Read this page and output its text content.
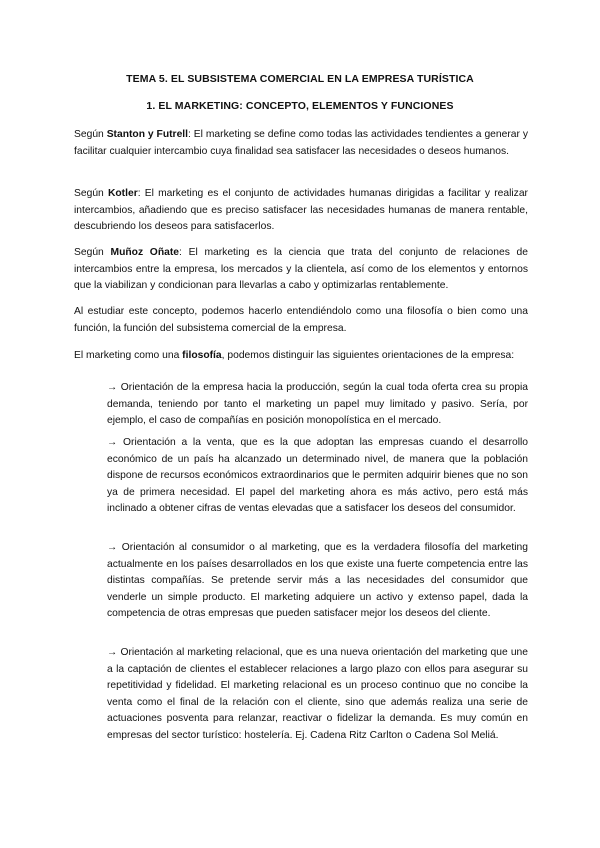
TEMA 5. EL SUBSISTEMA COMERCIAL EN LA EMPRESA TURÍSTICA
1. EL MARKETING: CONCEPTO, ELEMENTOS Y FUNCIONES

Según Stanton y Futrell: El marketing se define como todas las actividades tendientes a generar y facilitar cualquier intercambio cuya finalidad sea satisfacer las necesidades o deseos humanos.

Según Kotler: El marketing es el conjunto de actividades humanas dirigidas a facilitar y realizar intercambios, añadiendo que es preciso satisfacer las necesidades humanas de manera rentable, descubriendo los deseos para satisfacerlos.

Según Muñoz Oñate: El marketing es la ciencia que trata del conjunto de relaciones de intercambios entre la empresa, los mercados y la clientela, así como de los elementos y entornos que la viabilizan y condicionan para llevarlas a cabo y optimizarlas rentablemente.

Al estudiar este concepto, podemos hacerlo entendiéndolo como una filosofía o bien como una función, la función del subsistema comercial de la empresa.

El marketing como una filosofía, podemos distinguir las siguientes orientaciones de la empresa:

→ Orientación de la empresa hacia la producción, según la cual toda oferta crea su propia demanda, teniendo por tanto el marketing un papel muy limitado y pasivo. Sería, por ejemplo, el caso de compañías en posición monopolística en el mercado.

→ Orientación a la venta, que es la que adoptan las empresas cuando el desarrollo económico de un país ha alcanzado un determinado nivel, de manera que la población dispone de recursos económicos extraordinarios que le permiten adquirir bienes que no son ya de primera necesidad. El papel del marketing ahora es más activo, pero está más inclinado a obtener cifras de ventas elevadas que a satisfacer los deseos del consumidor.

→ Orientación al consumidor o al marketing, que es la verdadera filosofía del marketing actualmente en los países desarrollados en los que existe una fuerte competencia entre las distintas compañías. Se pretende servir más a las necesidades del consumidor que venderle un simple producto. El marketing adquiere un activo y extenso papel, dada la competencia de otras empresas que pueden satisfacer mejor los deseos del cliente.

→ Orientación al marketing relacional, que es una nueva orientación del marketing que une a la captación de clientes el establecer relaciones a largo plazo con ellos para asegurar su repetitividad y fidelidad. El marketing relacional es un proceso continuo que no concibe la venta como el final de la relación con el cliente, sino que además realiza una serie de actuaciones posventa para relanzar, reactivar o fidelizar la demanda. Es muy común en empresas del sector turístico: hostelería. Ej. Cadena Ritz Carlton o Cadena Sol Meliá.
